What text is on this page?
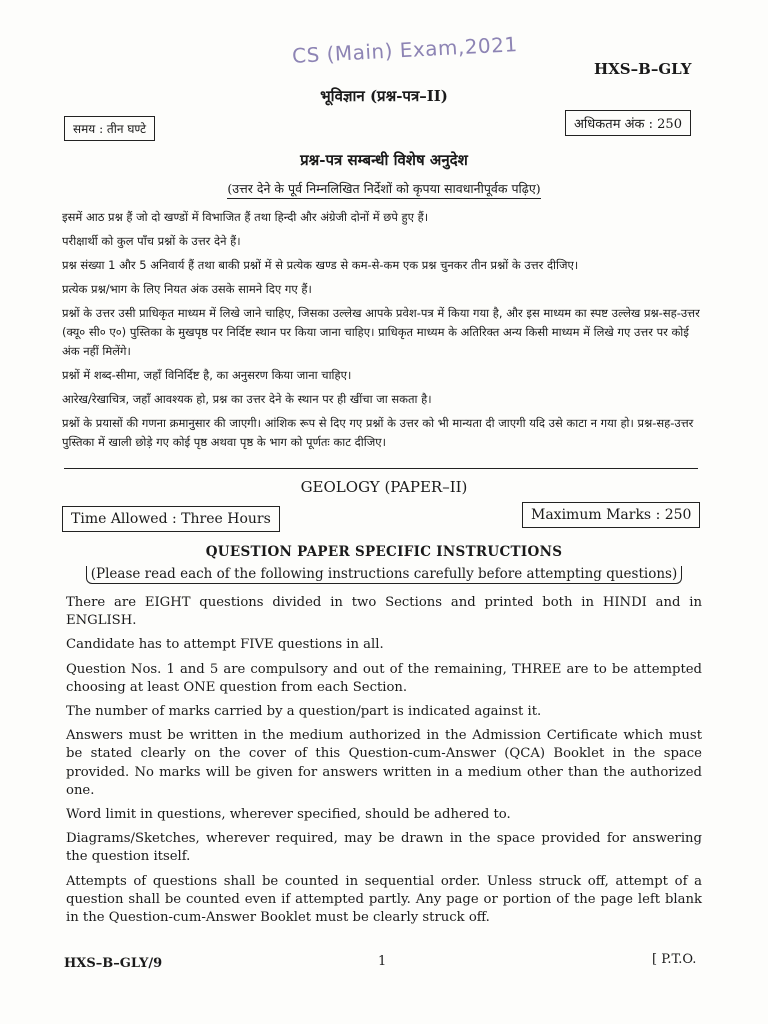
CS (Main) Exam,2021
HXS–B–GLY
भूविज्ञान (प्रश्न-पत्र–II)
समय : तीन घण्टे	अधिकतम अंक : 250
प्रश्न-पत्र सम्बन्धी विशेष अनुदेश
(उत्तर देने के पूर्व निम्नलिखित निर्देशों को कृपया सावधानीपूर्वक पढ़िए)

इसमें आठ प्रश्न हैं जो दो खण्डों में विभाजित हैं तथा हिन्दी और अंग्रेजी दोनों में छपे हुए हैं।

परीक्षार्थी को कुल पाँच प्रश्नों के उत्तर देने हैं।

प्रश्न संख्या 1 और 5 अनिवार्य हैं तथा बाकी प्रश्नों में से प्रत्येक खण्ड से कम-से-कम एक प्रश्न चुनकर तीन प्रश्नों के उत्तर दीजिए।

प्रत्येक प्रश्न/भाग के लिए नियत अंक उसके सामने दिए गए हैं।

प्रश्नों के उत्तर उसी प्राधिकृत माध्यम में लिखे जाने चाहिए, जिसका उल्लेख आपके प्रवेश-पत्र में किया गया है, और इस माध्यम का स्पष्ट उल्लेख प्रश्न-सह-उत्तर (क्यू० सी० ए०) पुस्तिका के मुखपृष्ठ पर निर्दिष्ट स्थान पर किया जाना चाहिए। प्राधिकृत माध्यम के अतिरिक्त अन्य किसी माध्यम में लिखे गए उत्तर पर कोई अंक नहीं मिलेंगे।

प्रश्नों में शब्द-सीमा, जहाँ विनिर्दिष्ट है, का अनुसरण किया जाना चाहिए।

आरेख/रेखाचित्र, जहाँ आवश्यक हो, प्रश्न का उत्तर देने के स्थान पर ही खींचा जा सकता है।

प्रश्नों के प्रयासों की गणना क्रमानुसार की जाएगी। आंशिक रूप से दिए गए प्रश्नों के उत्तर को भी मान्यता दी जाएगी यदि उसे काटा न गया हो। प्रश्न-सह-उत्तर पुस्तिका में खाली छोड़े गए कोई पृष्ठ अथवा पृष्ठ के भाग को पूर्णतः काट दीजिए।

GEOLOGY (PAPER–II)
Time Allowed : Three Hours	Maximum Marks : 250
QUESTION PAPER SPECIFIC INSTRUCTIONS
(Please read each of the following instructions carefully before attempting questions)

There are EIGHT questions divided in two Sections and printed both in HINDI and in ENGLISH.

Candidate has to attempt FIVE questions in all.

Question Nos. 1 and 5 are compulsory and out of the remaining, THREE are to be attempted choosing at least ONE question from each Section.

The number of marks carried by a question/part is indicated against it.

Answers must be written in the medium authorized in the Admission Certificate which must be stated clearly on the cover of this Question-cum-Answer (QCA) Booklet in the space provided. No marks will be given for answers written in a medium other than the authorized one.

Word limit in questions, wherever specified, should be adhered to.

Diagrams/Sketches, wherever required, may be drawn in the space provided for answering the question itself.

Attempts of questions shall be counted in sequential order. Unless struck off, attempt of a question shall be counted even if attempted partly. Any page or portion of the page left blank in the Question-cum-Answer Booklet must be clearly struck off.

HXS–B–GLY/9	1	[ P.T.O.
